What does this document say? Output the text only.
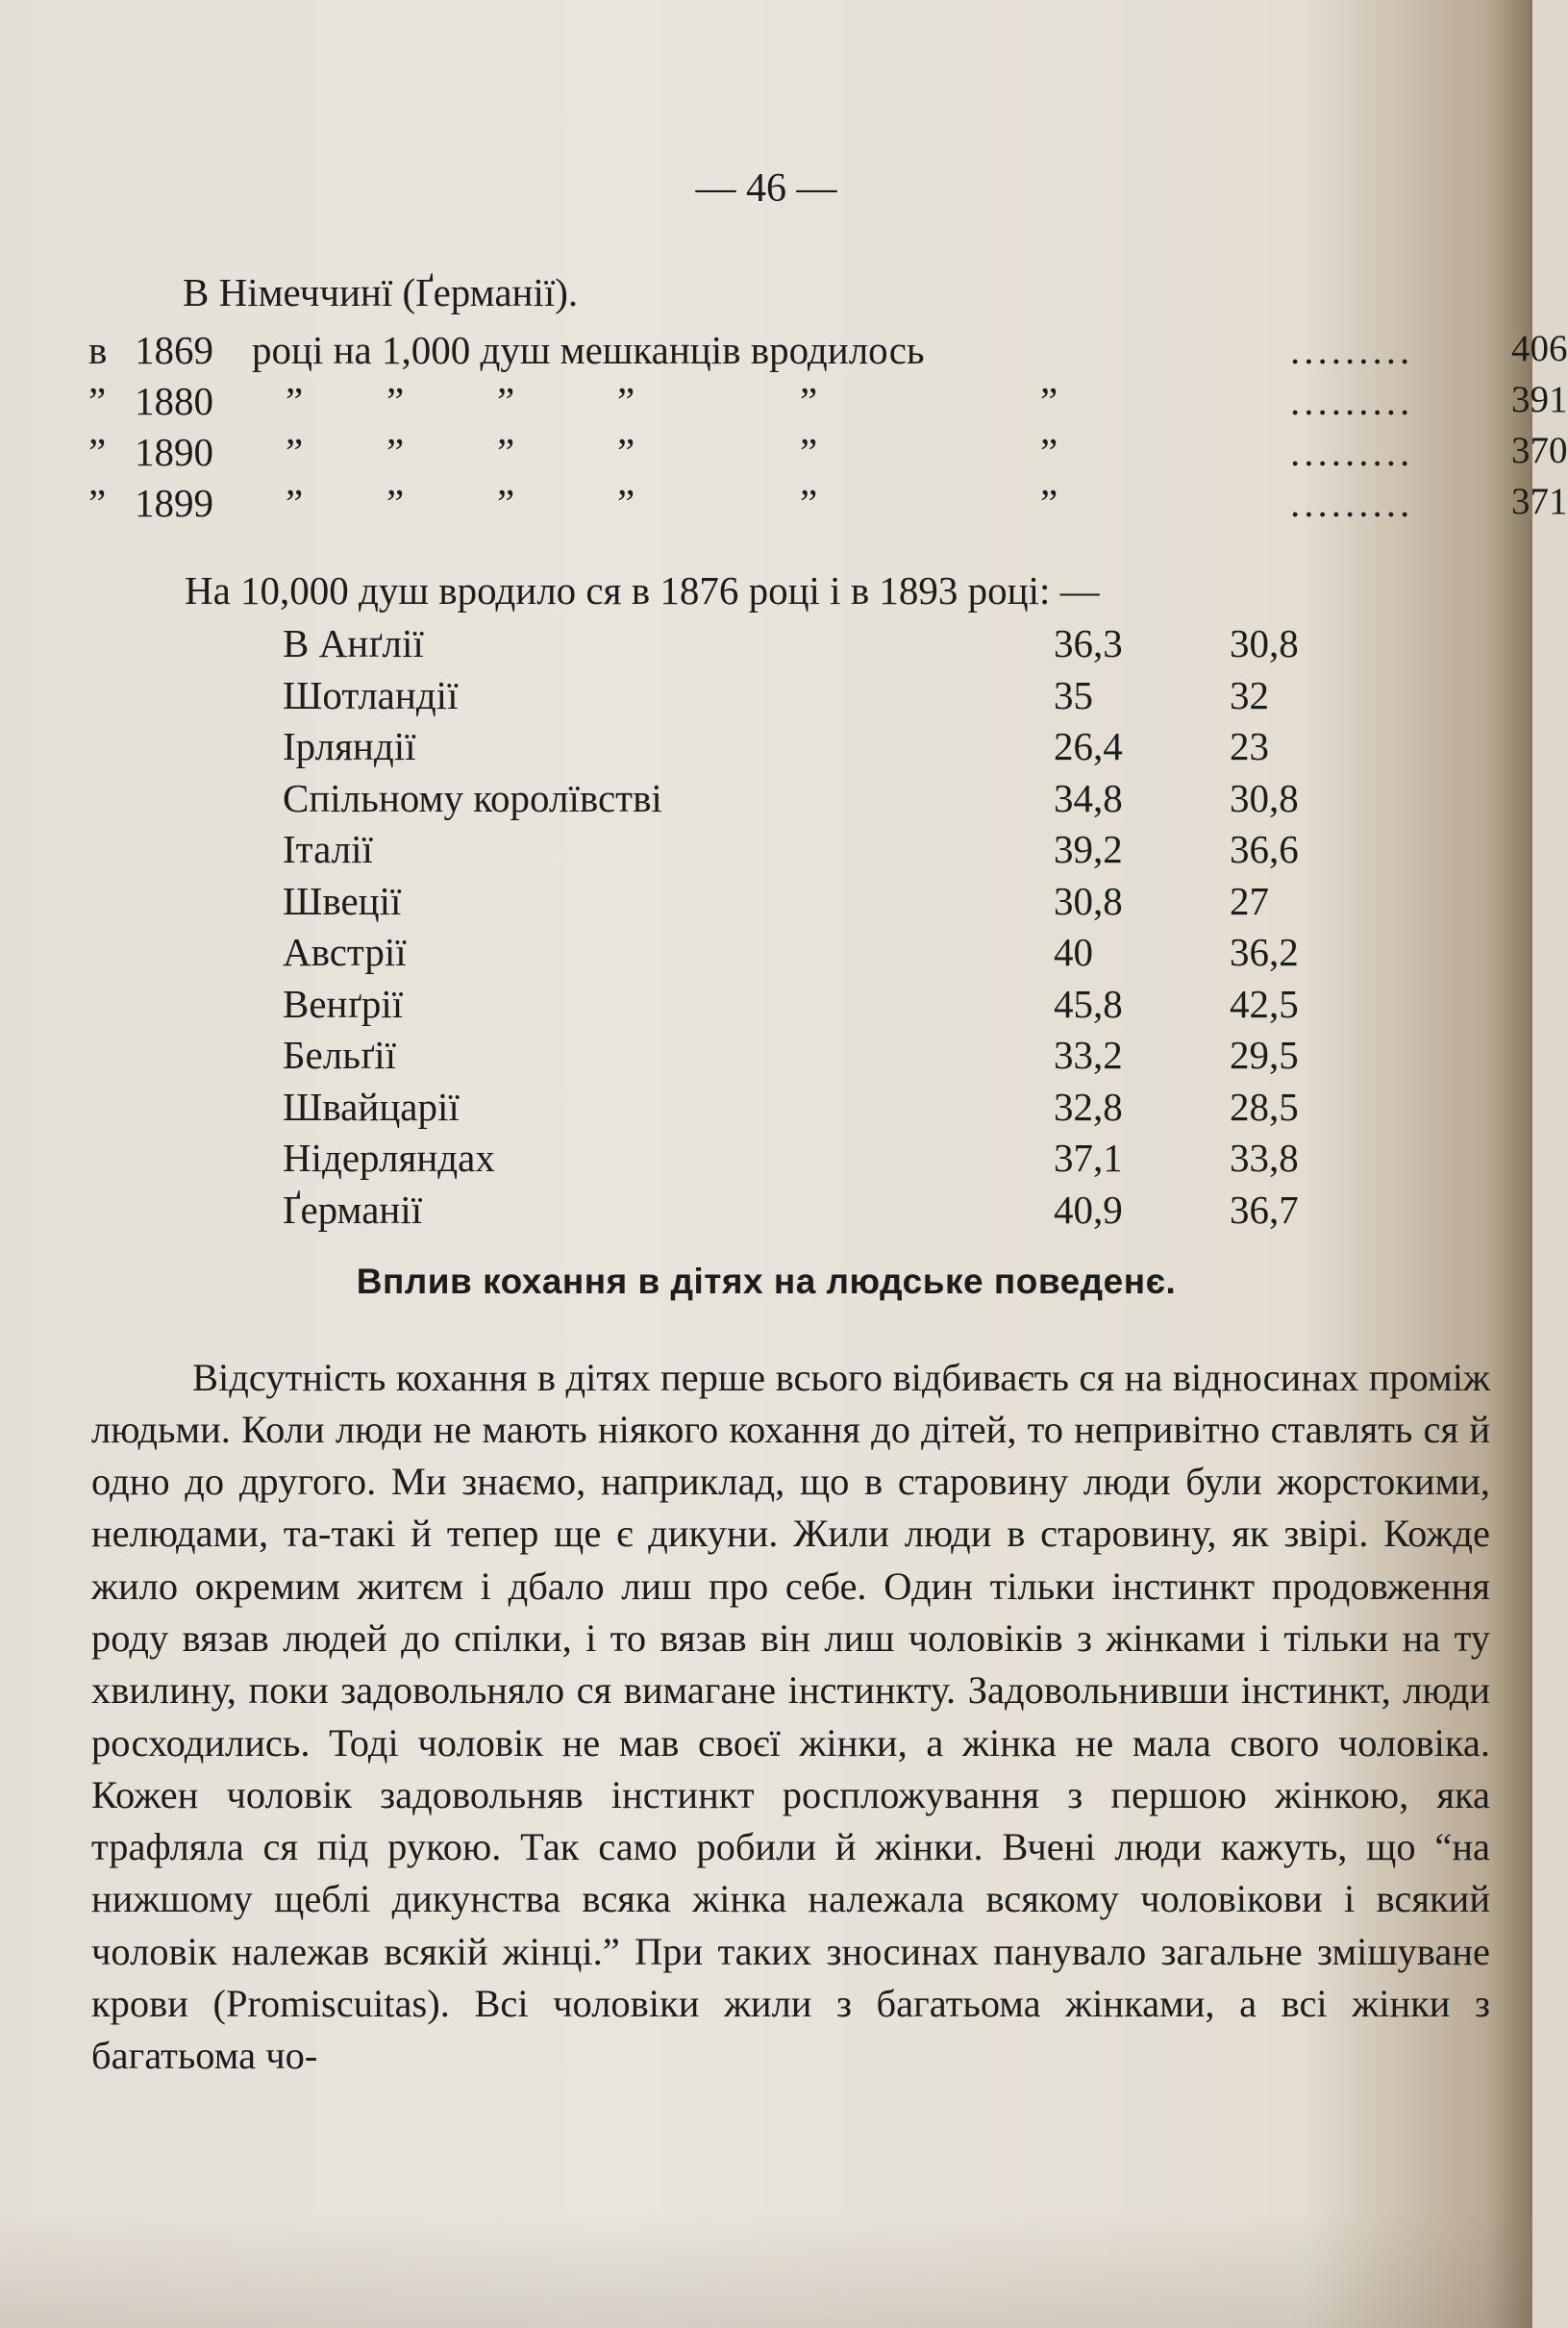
— 46 —
В Німеччинї (Ґерманії).
в 1869 році на 1,000 душ мешканців вродилось	.........	406
” 1880 ” ” ”	”	”	”	.........	391
” 1890 ” ” ”	”	”	”	.........	370
” 1899 ” ” ”	”	”	”	.........	371
На 10,000 душ вродило ся в 1876 році і в 1893 році: —
В Анґлії	36,3	30,8
Шотландії	35	32
Ірляндії	26,4	23
Спільному королївстві	34,8	30,8
Італії	39,2	36,6
Швеції	30,8	27
Австрії	40	36,2
Венґрії	45,8	42,5
Бельґії	33,2	29,5
Швайцарії	32,8	28,5
Нідерляндах	37,1	33,8
Ґерманії	40,9	36,7
Вплив кохання в дітях на людське поведенє.

Відсутність кохання в дітях перше всього відбиваєть ся на відносинах проміж людьми. Коли люди не мають ніякого кохання до дітей, то непривітно ставлять ся й одно до другого. Ми знаємо, наприклад, що в старовину люди були жорстокими, нелюдами, та-такі й тепер ще є дикуни. Жили люди в старовину, як звірі. Кожде жило окремим житєм і дбало лиш про себе. Один тільки інстинкт продовження роду вязав людей до спілки, і то вязав він лиш чоловіків з жінками і тільки на ту хвилину, поки задовольняло ся вимагане інстинкту. Задовольнивши інстинкт, люди росходились. Тоді чоловік не мав своєї жінки, а жінка не мала свого чоловіка. Кожен чоловік задовольняв інстинкт роспложування з першою жінкою, яка трафляла ся під рукою. Так само робили й жінки. Вчені люди кажуть, що “на нижшому щеблі дикунства всяка жінка належала всякому чоловікови і всякий чоловік належав всякій жінці.” При таких зносинах панувало загальне змішуване крови (Promiscuitas). Всі чоловіки жили з багатьома жінками, а всі жінки з багатьома чо-
